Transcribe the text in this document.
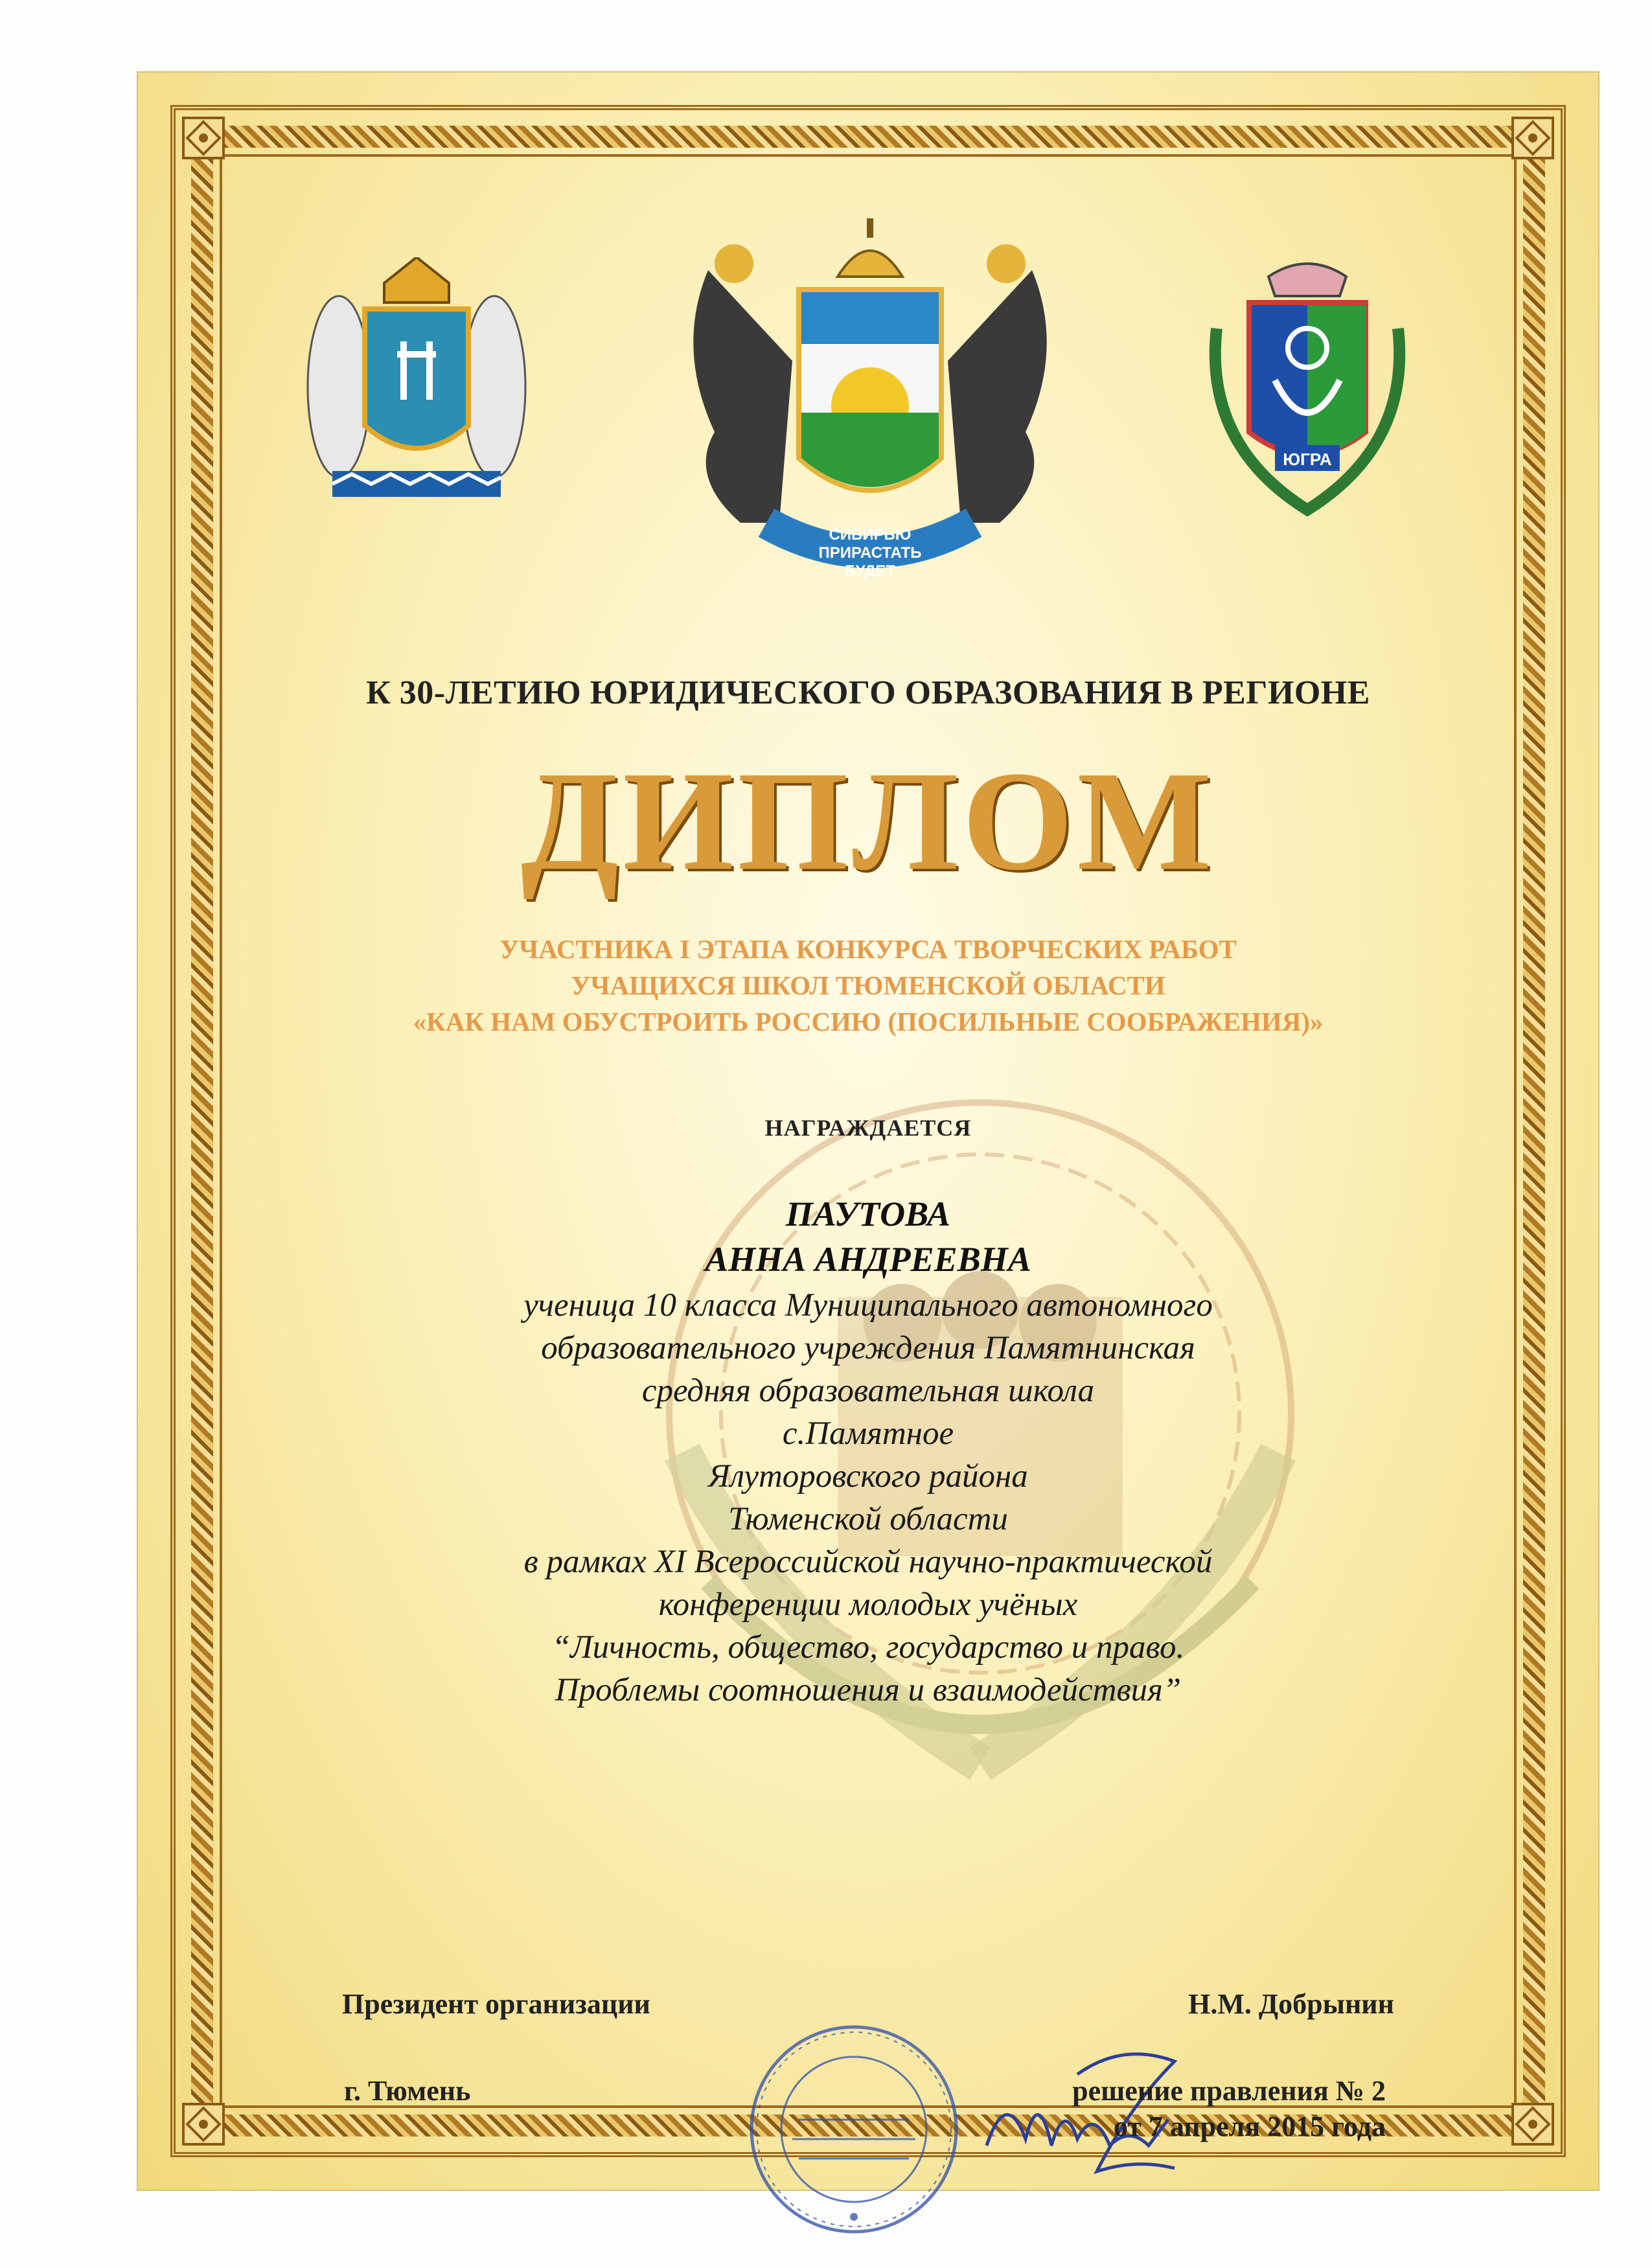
СИБИРЬЮ ПРИРАСТАТЬ БУДЕТ
ЮГРА
К 30-ЛЕТИЮ ЮРИДИЧЕСКОГО ОБРАЗОВАНИЯ В РЕГИОНЕ
ДИПЛОМ
УЧАСТНИКА I ЭТАПА КОНКУРСА ТВОРЧЕСКИХ РАБОТ
УЧАЩИХСЯ ШКОЛ ТЮМЕНСКОЙ ОБЛАСТИ
«КАК НАМ ОБУСТРОИТЬ РОССИЮ (ПОСИЛЬНЫЕ СООБРАЖЕНИЯ)»
НАГРАЖДАЕТСЯ
ПАУТОВА
АННА АНДРЕЕВНА
ученица 10 класса Муниципального автономного
образовательного учреждения Памятнинская
средняя образовательная школа
с.Памятное
Ялуторовского района
Тюменской области
в рамках XI Всероссийской научно-практической
конференции молодых учёных
“Личность, общество, государство и право.
Проблемы соотношения и взаимодействия”
Президент организации	Н.М. Добрынин
г. Тюмень	решение правления № 2
от 7 апреля 2015 года
